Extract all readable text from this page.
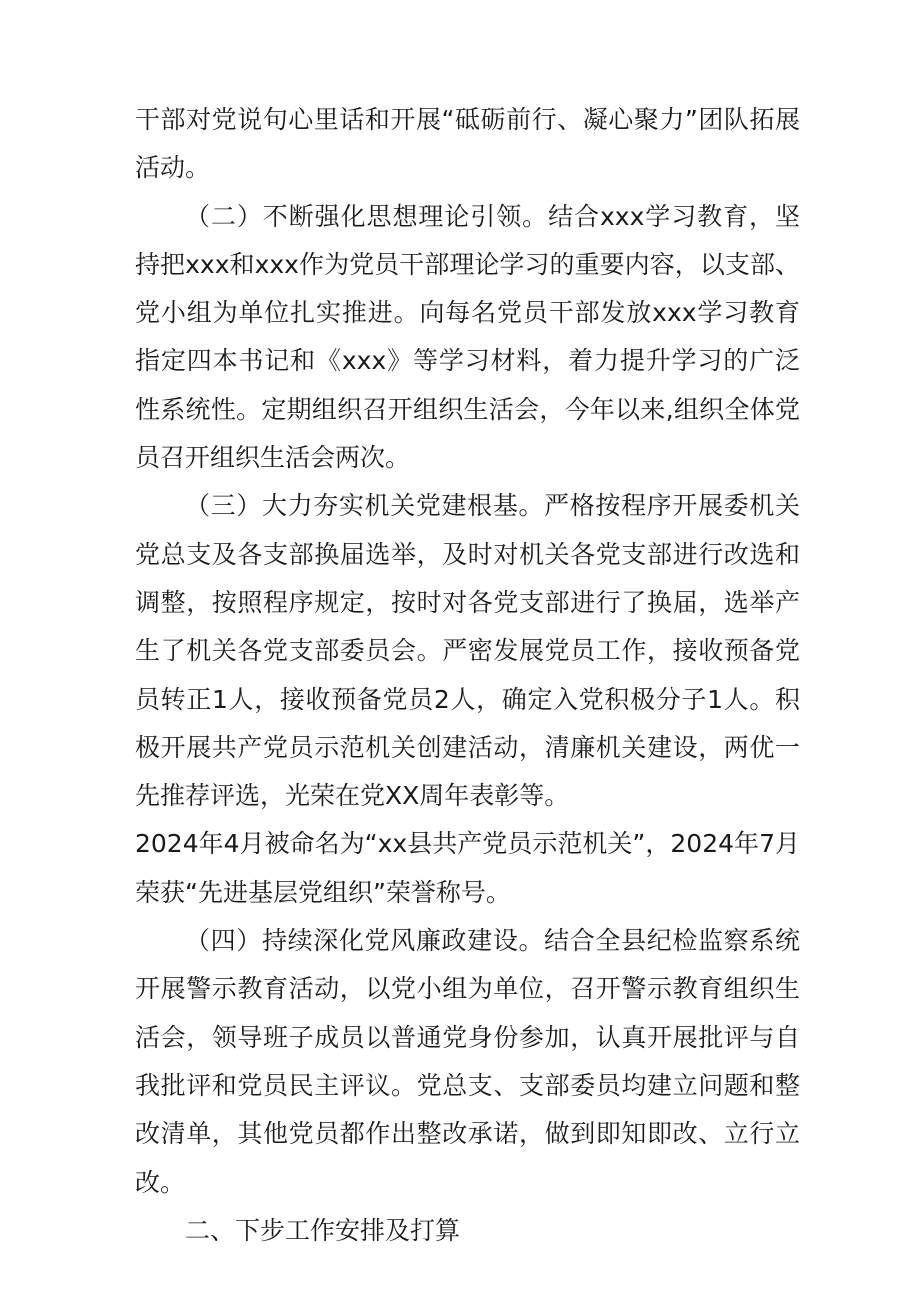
干部对党说句心里话和开展“砥砺前行、凝心聚力”团队拓展活动。

（二）不断强化思想理论引领。结合xxx学习教育，坚持把xxx和xxx作为党员干部理论学习的重要内容，以支部、党小组为单位扎实推进。向每名党员干部发放xxx学习教育指定四本书记和《xxx》等学习材料，着力提升学习的广泛性系统性。定期组织召开组织生活会，今年以来,组织全体党员召开组织生活会两次。

（三）大力夯实机关党建根基。严格按程序开展委机关党总支及各支部换届选举，及时对机关各党支部进行改选和调整，按照程序规定，按时对各党支部进行了换届，选举产生了机关各党支部委员会。严密发展党员工作，接收预备党员转正1人，接收预备党员2人，确定入党积极分子1人。积极开展共产党员示范机关创建活动，清廉机关建设，两优一先推荐评选，光荣在党XX周年表彰等。

2024年4月被命名为“xx县共产党员示范机关”，2024年7月荣获“先进基层党组织”荣誉称号。

（四）持续深化党风廉政建设。结合全县纪检监察系统开展警示教育活动，以党小组为单位，召开警示教育组织生活会，领导班子成员以普通党身份参加，认真开展批评与自我批评和党员民主评议。党总支、支部委员均建立问题和整改清单，其他党员都作出整改承诺，做到即知即改、立行立改。

二、下步工作安排及打算
